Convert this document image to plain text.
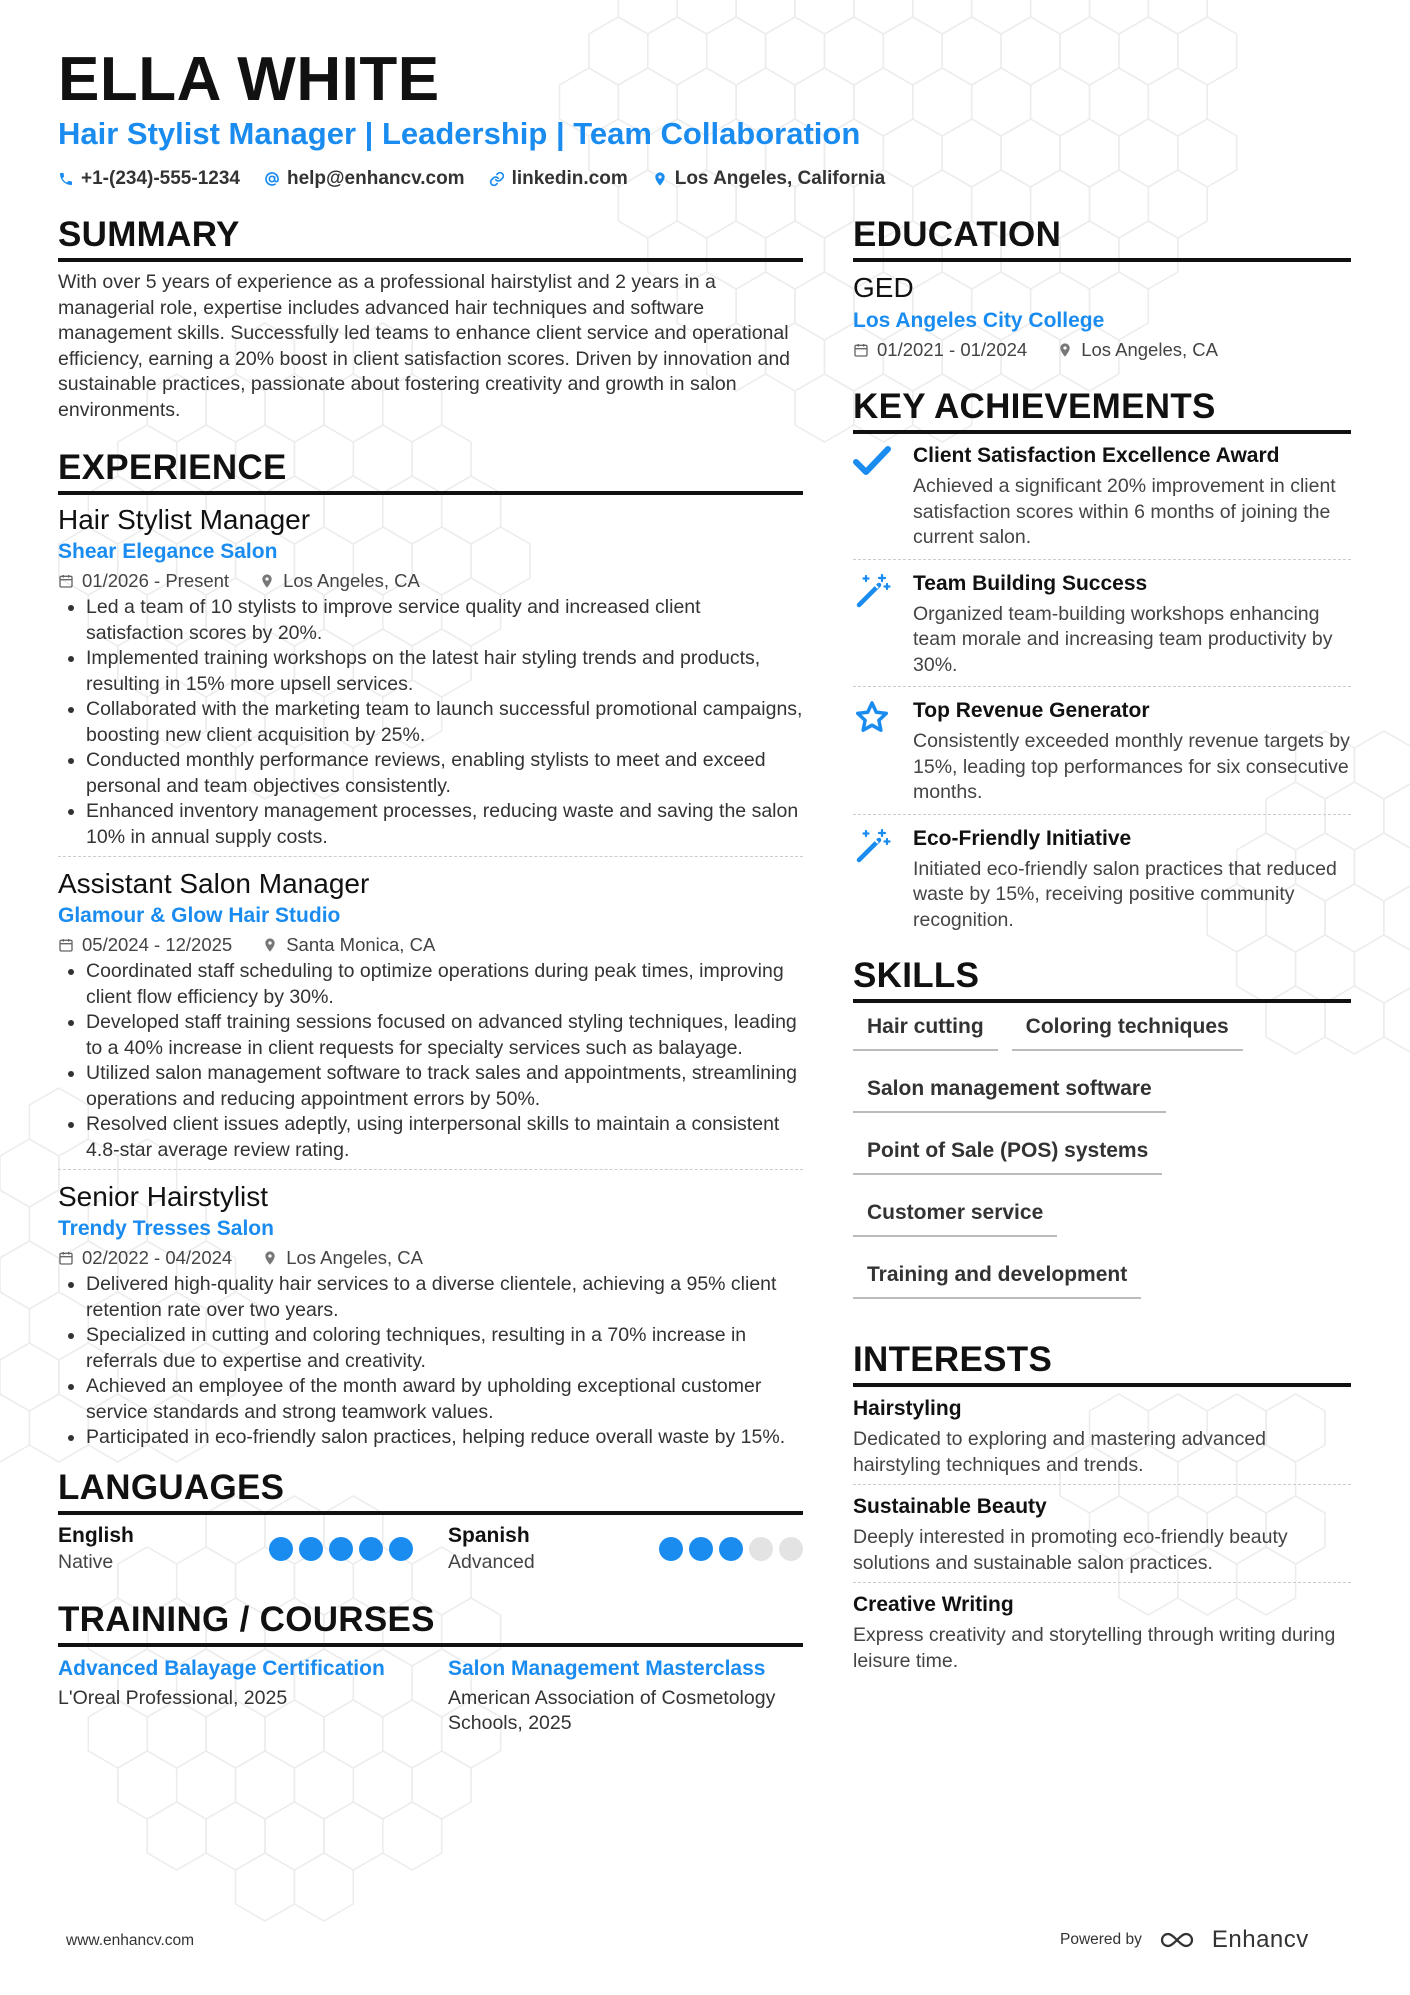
ELLA WHITE
Hair Stylist Manager | Leadership | Team Collaboration
+1-(234)-555-1234 help@enhancv.com linkedin.com Los Angeles, California
SUMMARY

With over 5 years of experience as a professional hairstylist and 2 years in a managerial role, expertise includes advanced hair techniques and software management skills. Successfully led teams to enhance client service and operational efficiency, earning a 20% boost in client satisfaction scores. Driven by innovation and sustainable practices, passionate about fostering creativity and growth in salon environments.

EXPERIENCE
Hair Stylist Manager
Shear Elegance Salon
01/2026 - Present	Los Angeles, CA
• Led a team of 10 stylists to improve service quality and increased client satisfaction scores by 20%.
• Implemented training workshops on the latest hair styling trends and products, resulting in 15% more upsell services.
• Collaborated with the marketing team to launch successful promotional campaigns, boosting new client acquisition by 25%.
• Conducted monthly performance reviews, enabling stylists to meet and exceed personal and team objectives consistently.
• Enhanced inventory management processes, reducing waste and saving the salon 10% in annual supply costs.
Assistant Salon Manager
Glamour & Glow Hair Studio
05/2024 - 12/2025	Santa Monica, CA
• Coordinated staff scheduling to optimize operations during peak times, improving client flow efficiency by 30%.
• Developed staff training sessions focused on advanced styling techniques, leading to a 40% increase in client requests for specialty services such as balayage.
• Utilized salon management software to track sales and appointments, streamlining operations and reducing appointment errors by 50%.
• Resolved client issues adeptly, using interpersonal skills to maintain a consistent 4.8-star average review rating.
Senior Hairstylist
Trendy Tresses Salon
02/2022 - 04/2024	Los Angeles, CA
• Delivered high-quality hair services to a diverse clientele, achieving a 95% client retention rate over two years.
• Specialized in cutting and coloring techniques, resulting in a 70% increase in referrals due to expertise and creativity.
• Achieved an employee of the month award by upholding exceptional customer service standards and strong teamwork values.
• Participated in eco-friendly salon practices, helping reduce overall waste by 15%.
LANGUAGES
English
Native
Spanish
Advanced
TRAINING / COURSES
Advanced Balayage Certification
L'Oreal Professional, 2025
Salon Management Masterclass
American Association of Cosmetology Schools, 2025
EDUCATION
GED
Los Angeles City College
01/2021 - 01/2024	Los Angeles, CA
KEY ACHIEVEMENTS
Client Satisfaction Excellence Award
Achieved a significant 20% improvement in client satisfaction scores within 6 months of joining the current salon.
Team Building Success
Organized team-building workshops enhancing team morale and increasing team productivity by 30%.
Top Revenue Generator
Consistently exceeded monthly revenue targets by 15%, leading top performances for six consecutive months.
Eco-Friendly Initiative
Initiated eco-friendly salon practices that reduced waste by 15%, receiving positive community recognition.
SKILLS
Hair cutting	Coloring techniques
Salon management software
Point of Sale (POS) systems
Customer service
Training and development
INTERESTS
Hairstyling
Dedicated to exploring and mastering advanced hairstyling techniques and trends.
Sustainable Beauty
Deeply interested in promoting eco-friendly beauty solutions and sustainable salon practices.
Creative Writing
Express creativity and storytelling through writing during leisure time.
www.enhancv.com	Powered by	Enhancv
